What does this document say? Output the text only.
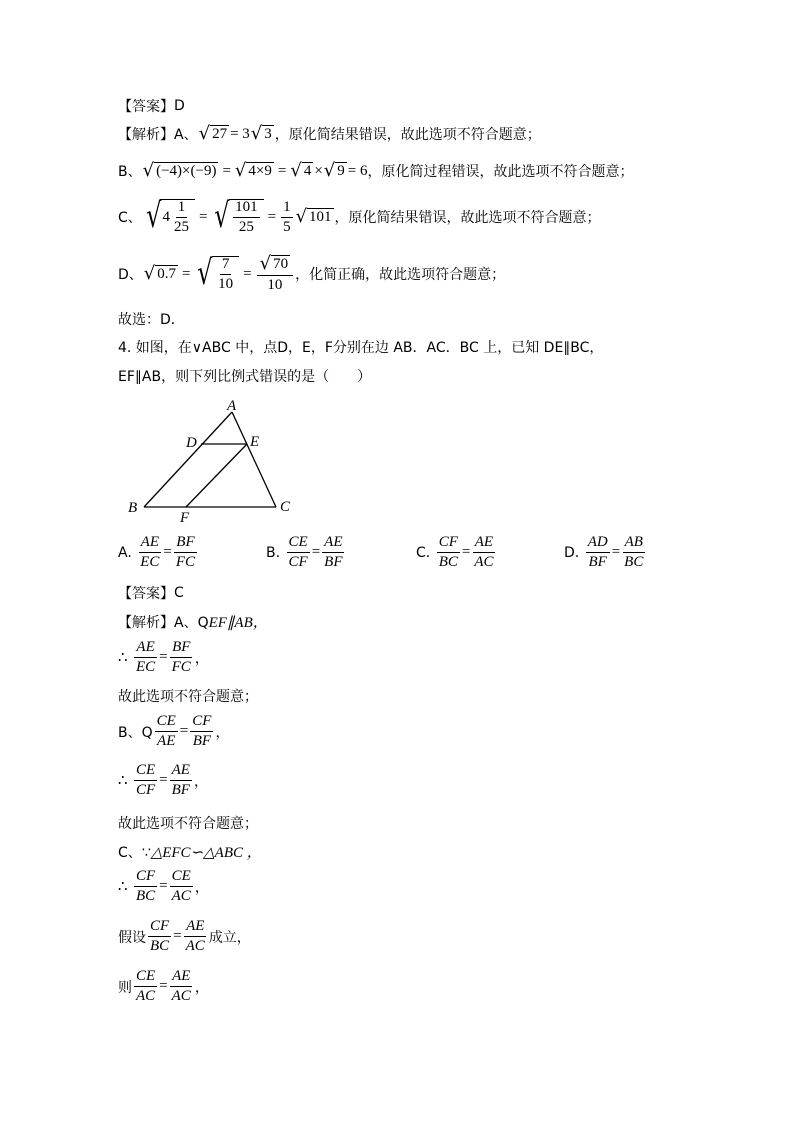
【答案】 D
【解析】 A、 √ 27 = 3 √ 3 ，原化简结果错误，故此选项不符合题意；
B、 √ (−4)×(−9)  =  √ 4×9  =  √ 4 × √ 9 = 6 ，原化简过程错误，故此选项不符合题意；
C、 √ $4 \frac{1}{25}$  =  √ $\frac{101}{25} = \frac{1}{5}$ √ 101 ，原化简结果错误，故此选项不符合题意；
D、 √ 0.7  =  √ $\frac{7}{10} = \frac{√ 70}{10}$ ，化简正确，故此选项符合题意；
故选：D．
4. 如图，在∨ABC 中，点D，E，F分别在边 AB．AC．BC 上，已知 DE∥BC，
EF∥AB，则下列比例式错误的是（　　）
A
D	E
B	C
F
A.
$\frac{AE}{EC} = \frac{BF}{FC}$	B.
$\frac{CE}{CF} = \frac{AE}{BF}$	C.
$\frac{CF}{BC} = \frac{AE}{AC}$	D.
$\frac{AD}{BF} = \frac{AB}{BC}$
【答案】 C
【解析】 A、Q EF∥AB，
∴
$\frac{AE}{EC} = \frac{BF}{FC}$ ，
故此选项不符合题意；
B、Q $\frac{CE}{AE} = \frac{CF}{BF}$ ，
∴
$\frac{CE}{CF} = \frac{AE}{BF}$ ，
故此选项不符合题意；
C、∵ △EFC∽△ABC ，
∴
$\frac{CF}{BC} = \frac{CE}{AC}$ ，
假设 $\frac{CF}{BC} = \frac{AE}{AC}$ 成立，
则 $\frac{CE}{AC} = \frac{AE}{AC}$ ，
